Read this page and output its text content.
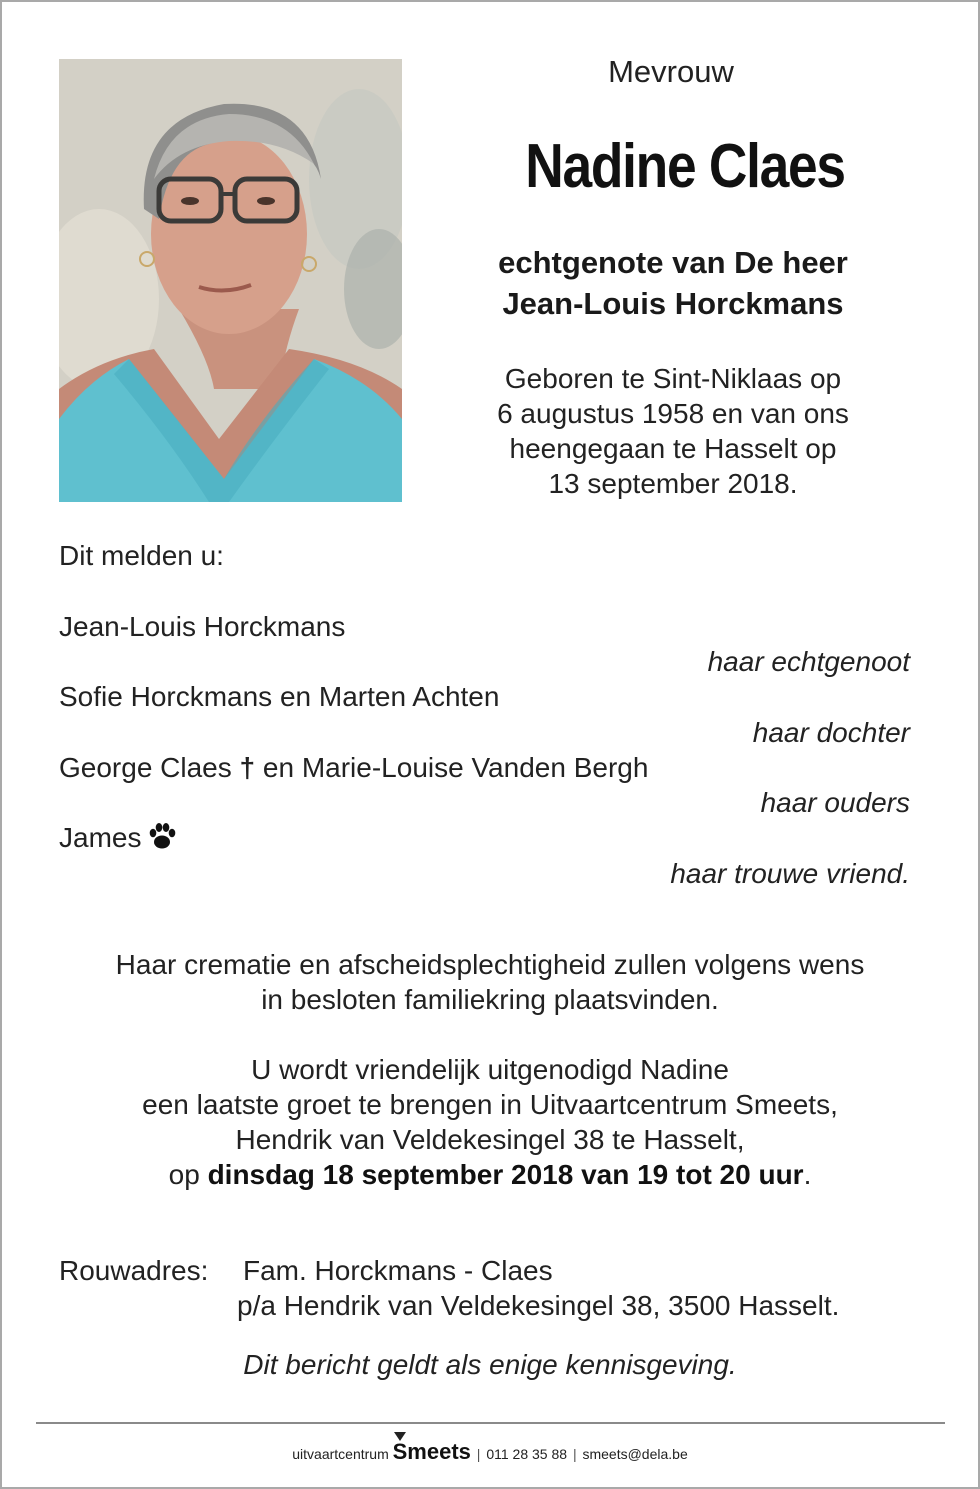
Mevrouw
Nadine Claes
echtgenote van De heer
Jean-Louis Horckmans
Geboren te Sint-Niklaas op
6 augustus 1958 en van ons
heengegaan te Hasselt op
13 september 2018.
Dit melden u:
Jean-Louis Horckmans
haar echtgenoot
Sofie Horckmans en Marten Achten
haar dochter
George Claes † en Marie-Louise Vanden Bergh
haar ouders
James
haar trouwe vriend.
Haar crematie en afscheidsplechtigheid zullen volgens wens
in besloten familiekring plaatsvinden.
U wordt vriendelijk uitgenodigd Nadine
een laatste groet te brengen in Uitvaartcentrum Smeets,
Hendrik van Veldekesingel 38 te Hasselt,
op dinsdag 18 september 2018 van 19 tot 20 uur.
Rouwadres: Fam. Horckmans - Claes
p/a Hendrik van Veldekesingel 38, 3500 Hasselt.
Dit bericht geldt als enige kennisgeving.
uitvaartcentrum Smeets | 011 28 35 88 | smeets@dela.be
